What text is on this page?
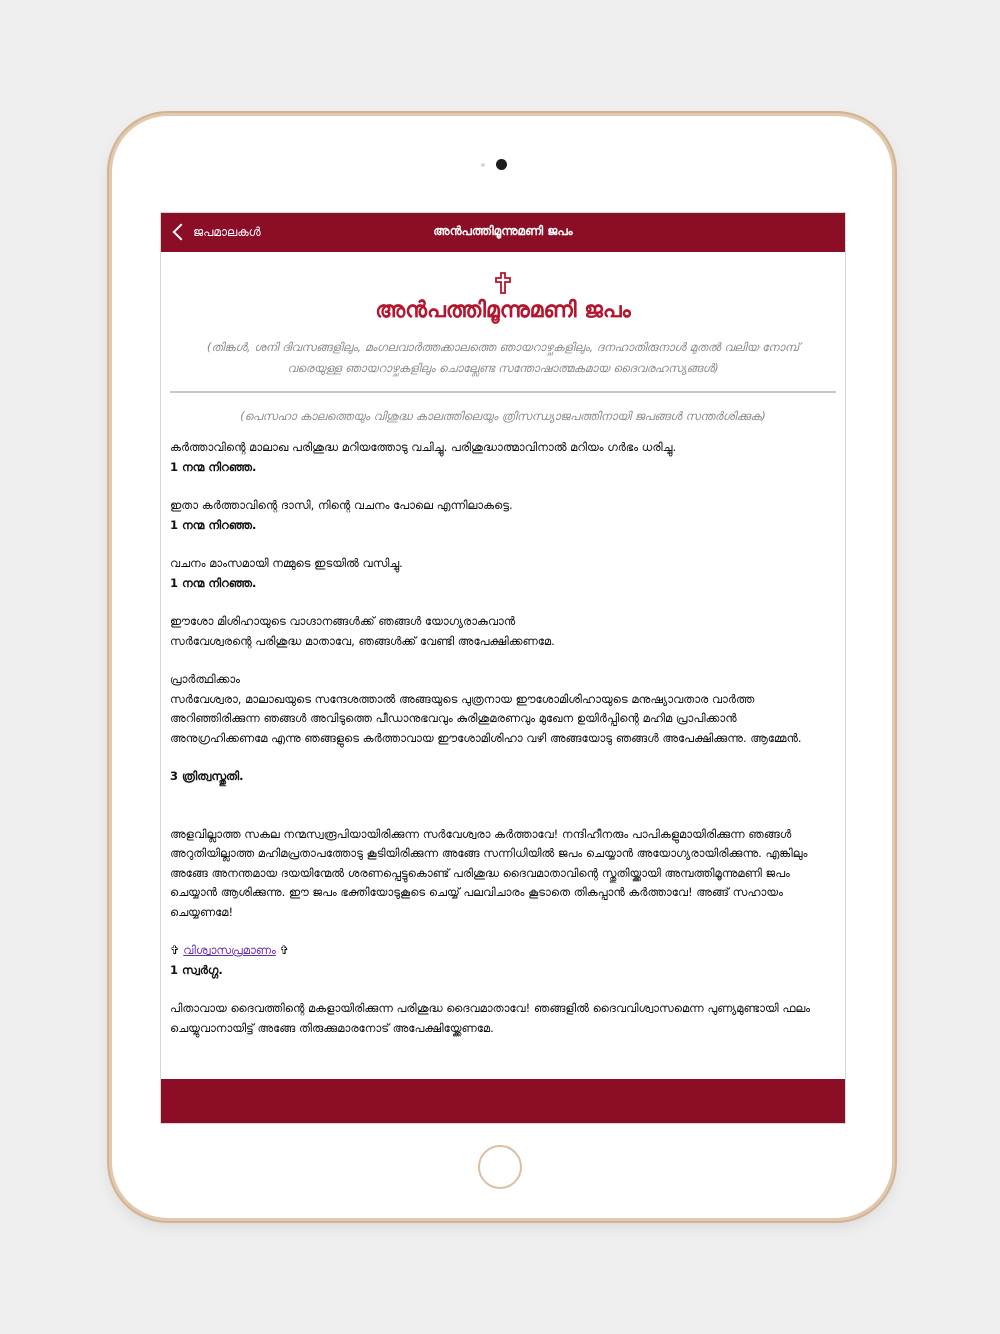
ജപമാലകൾ	അൻപത്തിമൂന്നുമണി ജപം
അൻപത്തിമൂന്നുമണി ജപം
(തിങ്കൾ, ശനി ദിവസങ്ങളിലും, മംഗലവാർത്തക്കാലത്തെ ഞായറാഴ്ചകളിലും, ദനഹാതിരുനാൾ മുതൽ വലിയ നോമ്പ് വരെയുള്ള ഞായറാഴ്ചകളിലും ചൊല്ലേണ്ട സന്തോഷാത്മകമായ ദൈവരഹസ്യങ്ങൾ)
(പെസഹാ കാലത്തെയും വിശുദ്ധ കാലത്തിലെയും ത്രിസന്ധ്യാജപത്തിനായി ജപങ്ങൾ സന്തർശിക്കുക)
കർത്താവിന്റെ മാലാഖ പരിശുദ്ധ മറിയത്തോടു വചിച്ചു. പരിശുദ്ധാത്മാവിനാൽ മറിയം ഗർഭം ധരിച്ചു.
1 നന്മ നിറഞ്ഞ.
ഇതാ കർത്താവിന്റെ ദാസി, നിന്റെ വചനം പോലെ എന്നിലാകട്ടെ.
1 നന്മ നിറഞ്ഞ.
വചനം മാംസമായി നമ്മുടെ ഇടയിൽ വസിച്ചു.
1 നന്മ നിറഞ്ഞ.
ഈശോ മിശിഹായുടെ വാഗ്ദാനങ്ങൾക്ക് ഞങ്ങൾ യോഗ്യരാകുവാൻ
സർവേശ്വരന്റെ പരിശുദ്ധ മാതാവേ, ഞങ്ങൾക്ക് വേണ്ടി അപേക്ഷിക്കണമേ.
പ്രാർത്ഥിക്കാം
സർവേശ്വരാ, മാലാഖയുടെ സന്ദേശത്താൽ അങ്ങയുടെ പുത്രനായ ഈശോമിശിഹായുടെ മനുഷ്യാവതാര വാർത്ത അറിഞ്ഞിരിക്കുന്ന ഞങ്ങൾ അവിടുത്തെ പീഡാനുഭവവും കുരിശുമരണവും മുഖേന ഉയിർപ്പിന്റെ മഹിമ പ്രാപിക്കാൻ അനുഗ്രഹിക്കണമേ എന്നു ഞങ്ങളുടെ കർത്താവായ ഈശോമിശിഹാ വഴി അങ്ങയോടു ഞങ്ങൾ അപേക്ഷിക്കുന്നു. ആമ്മേൻ.
3 ത്രിത്വസ്തുതി.
അളവില്ലാത്ത സകല നന്മസ്വരൂപിയായിരിക്കുന്ന സർവേശ്വരാ കർത്താവേ! നന്ദിഹീനരും പാപികളുമായിരിക്കുന്ന ഞങ്ങൾ അറുതിയില്ലാത്ത മഹിമപ്രതാപത്തോടു കൂടിയിരിക്കുന്ന അങ്ങേ സന്നിധിയിൽ ജപം ചെയ്യാൻ അയോഗ്യരായിരിക്കുന്നു. എങ്കിലും അങ്ങേ അനന്തമായ ദയയിന്മേൽ ശരണപ്പെട്ടുകൊണ്ട് പരിശുദ്ധ ദൈവമാതാവിന്റെ സ്തുതിയ്ക്കായി അമ്പത്തിമൂന്നുമണി ജപം ചെയ്യാൻ ആശിക്കുന്നു. ഈ ജപം ഭക്തിയോടുകൂടെ ചെയ്യ് പലവിചാരം കൂടാതെ തികപ്പാൻ കർത്താവേ! അങ്ങ് സഹായം ചെയ്യണമേ!
✞ വിശ്വാസപ്രമാണം ✞
1 സ്വർഗ്ഗ.
പിതാവായ ദൈവത്തിന്റെ മകളായിരിക്കുന്ന പരിശുദ്ധ ദൈവമാതാവേ! ഞങ്ങളിൽ ദൈവവിശ്വാസമെന്ന പുണ്യമുണ്ടായി ഫലം ചെയ്യുവാനായിട്ട് അങ്ങേ തിരുക്കുമാരനോട് അപേക്ഷിയ്ക്കേണമേ.
